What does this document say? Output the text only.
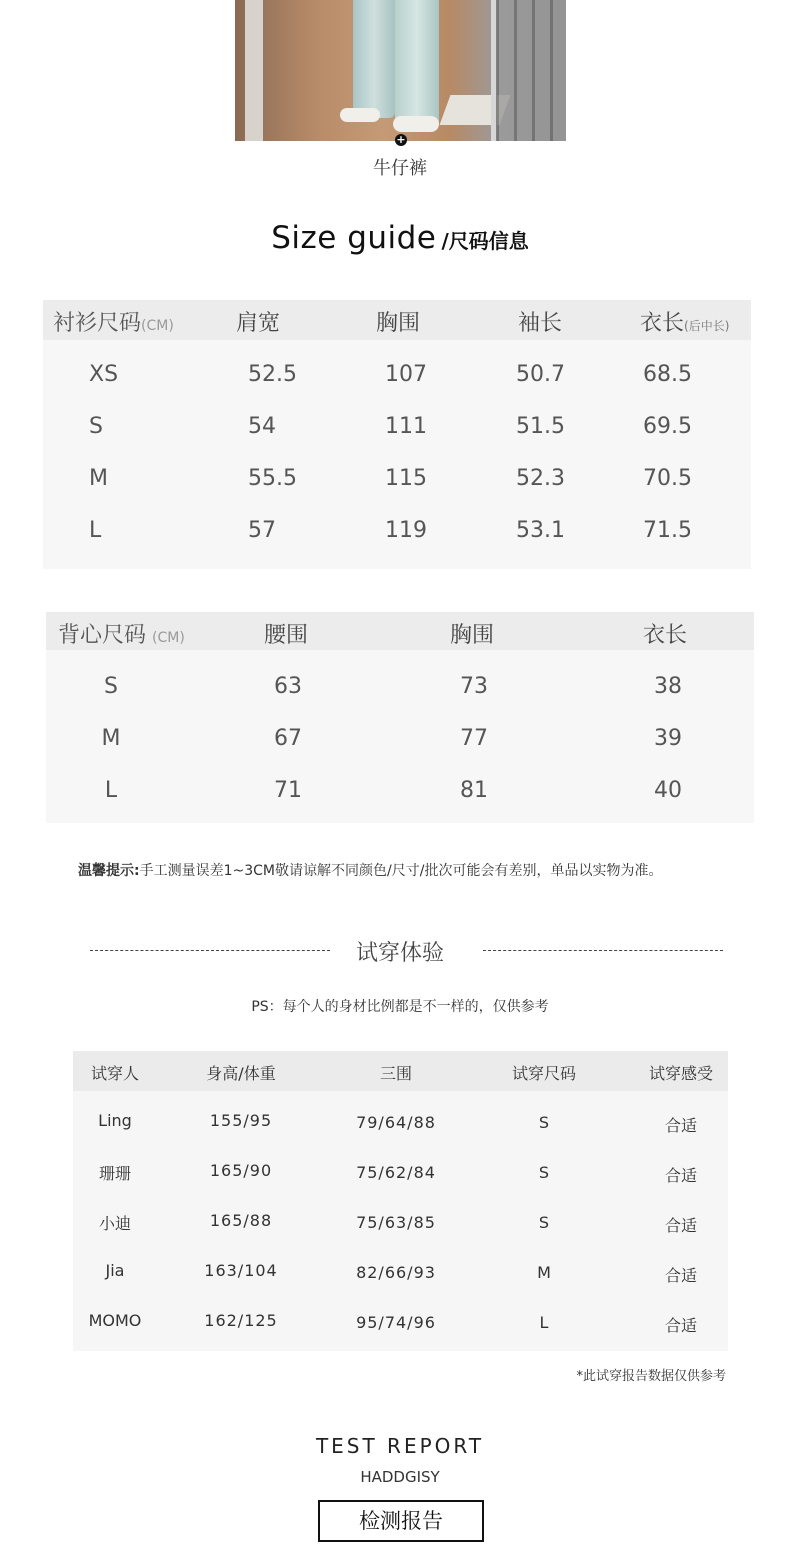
+
牛仔裤
Size guide /尺码信息
衬衫尺码(CM)	肩宽	胸围	袖长	衣长(后中长)
XS	52.5	107	50.7	68.5
S	54	111	51.5	69.5
M	55.5	115	52.3	70.5
L	57	119	53.1	71.5
背心尺码 (CM)	腰围	胸围	衣长
S	63	73	38
M	67	77	39
L	71	81	40
温馨提示:手工测量误差1~3CM敬请谅解不同颜色/尺寸/批次可能会有差别，单品以实物为准。
试穿体验
PS：每个人的身材比例都是不一样的，仅供参考
试穿人	身高/体重	三围	试穿尺码	试穿感受
Ling	155/95	79/64/88	S	合适
珊珊	165/90	75/62/84	S	合适
小迪	165/88	75/63/85	S	合适
Jia	163/104	82/66/93	M	合适
MOMO	162/125	95/74/96	L	合适
*此试穿报告数据仅供参考
TEST REPORT
HADDGISY
检测报告
